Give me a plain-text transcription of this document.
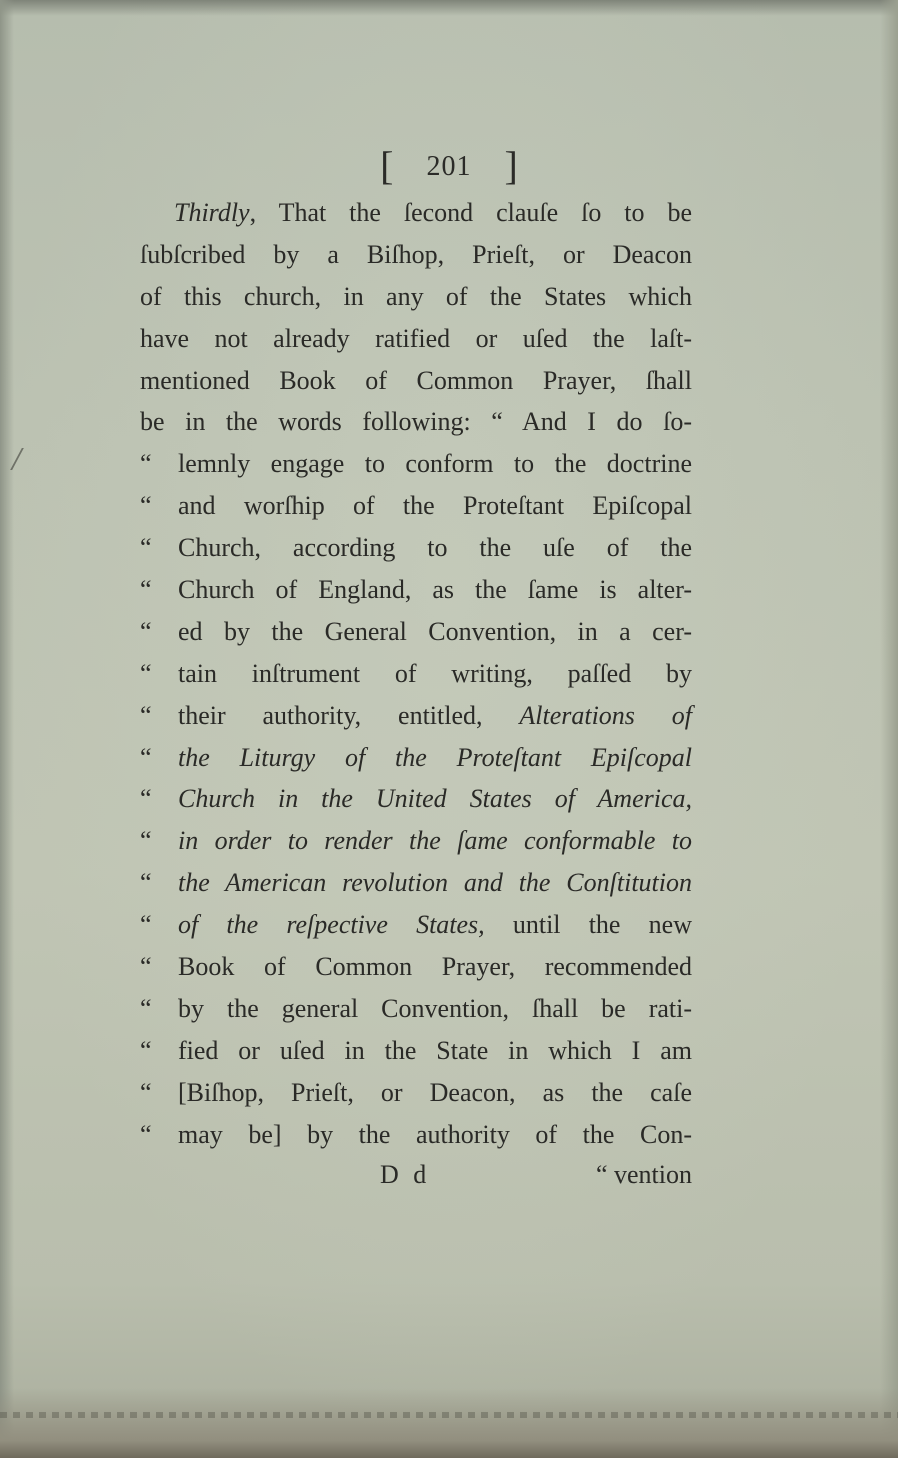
[ 201 ]
Thirdly, That the ſecond clauſe ſo to be
ſubſcribed by a Biſhop, Prieſt, or Deacon
of this church, in any of the States which
have not already ratified or uſed the laſt-
mentioned Book of Common Prayer, ſhall
be in the words following: “ And I do ſo-
“ lemnly engage to conform to the doctrine
“ and worſhip of the Proteſtant Epiſcopal
“ Church, according to the uſe of the
“ Church of England, as the ſame is alter-
“ ed by the General Convention, in a cer-
“ tain inſtrument of writing, paſſed by
“ their authority, entitled, Alterations of
“ the Liturgy of the Proteſtant Epiſcopal
“ Church in the United States of America,
“ in order to render the ſame conformable to
“ the American revolution and the Conſtitution
“ of the reſpective States, until the new
“ Book of Common Prayer, recommended
“ by the general Convention, ſhall be rati-
“ fied or uſed in the State in which I am
“ [Biſhop, Prieſt, or Deacon, as the caſe
“ may be] by the authority of the Con-
D d	“ vention
